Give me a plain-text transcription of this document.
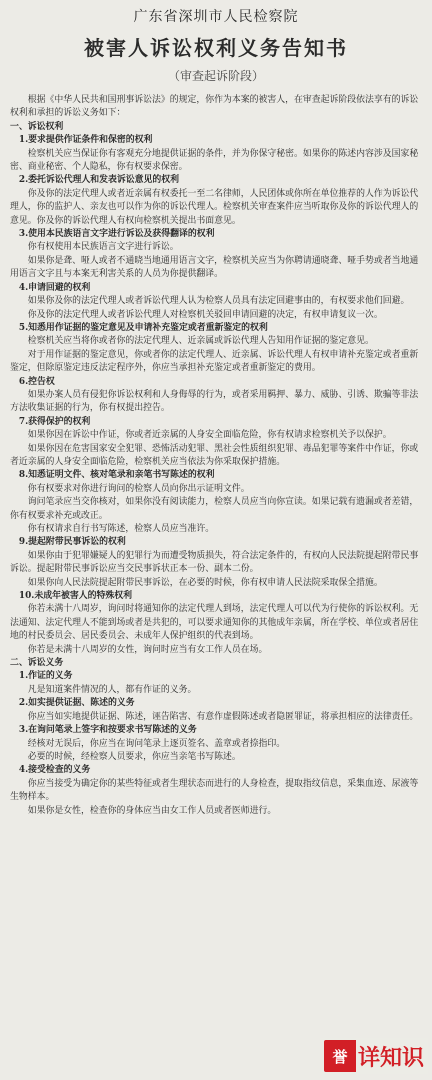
广东省深圳市人民检察院
被害人诉讼权利义务告知书
（审查起诉阶段）

根据《中华人民共和国刑事诉讼法》的规定，你作为本案的被害人，在审查起诉阶段依法享有的诉讼权利和承担的诉讼义务如下：

一、诉讼权利

1.要求提供作证条件和保密的权利

检察机关应当保证你有客观充分地提供证据的条件，并为你保守秘密。如果你的陈述内容涉及国家秘密、商业秘密、个人隐私，你有权要求保密。

2.委托诉讼代理人和发表诉讼意见的权利

你及你的法定代理人或者近亲属有权委托一至二名律师，人民团体或你所在单位推荐的人作为诉讼代理人，你的监护人、亲友也可以作为你的诉讼代理人。检察机关审查案件应当听取你及你的诉讼代理人的意见。你及你的诉讼代理人有权向检察机关提出书面意见。

3.使用本民族语言文字进行诉讼及获得翻译的权利

你有权使用本民族语言文字进行诉讼。

如果你是聋、哑人或者不通晓当地通用语言文字，检察机关应当为你聘请通晓聋、哑手势或者当地通用语言文字且与本案无利害关系的人员为你提供翻译。

4.申请回避的权利

如果你及你的法定代理人或者诉讼代理人认为检察人员具有法定回避事由的，有权要求他们回避。

你及你的法定代理人或者诉讼代理人对检察机关驳回申请回避的决定，有权申请复议一次。

5.知悉用作证据的鉴定意见及申请补充鉴定或者重新鉴定的权利

检察机关应当将你或者你的法定代理人、近亲属或诉讼代理人告知用作证据的鉴定意见。

对于用作证据的鉴定意见，你或者你的法定代理人、近亲属、诉讼代理人有权申请补充鉴定或者重新鉴定，但除原鉴定违反法定程序外，你应当承担补充鉴定或者重新鉴定的费用。

6.控告权

如果办案人员有侵犯你诉讼权利和人身侮辱的行为，或者采用羁押、暴力、威胁、引诱、欺骗等非法方法收集证据的行为，你有权提出控告。

7.获得保护的权利

如果你因在诉讼中作证，你或者近亲属的人身安全面临危险，你有权请求检察机关予以保护。

如果你因在危害国家安全犯罪、恐怖活动犯罪、黑社会性质组织犯罪、毒品犯罪等案件中作证，你或者近亲属的人身安全面临危险，检察机关应当依法为你采取保护措施。

8.知悉证明文件、核对笔录和亲笔书写陈述的权利

你有权要求对你进行询问的检察人员向你出示证明文件。

询问笔录应当交你核对，如果你没有阅读能力，检察人员应当向你宣读。如果记载有遗漏或者差错，你有权要求补充或改正。

你有权请求自行书写陈述，检察人员应当准许。

9.提起附带民事诉讼的权利

如果你由于犯罪嫌疑人的犯罪行为而遭受物质损失，符合法定条件的，有权向人民法院提起附带民事诉讼。提起附带民事诉讼应当交民事诉状正本一份、副本二份。

如果你向人民法院提起附带民事诉讼，在必要的时候，你有权申请人民法院采取保全措施。

10.未成年被害人的特殊权利

你若未满十八周岁，询问时将通知你的法定代理人到场，法定代理人可以代为行使你的诉讼权利。无法通知、法定代理人不能到场或者是共犯的，可以要求通知你的其他成年亲属，所在学校、单位或者居住地的村民委员会、居民委员会、未成年人保护组织的代表到场。

你若是未满十八周岁的女性，询问时应当有女工作人员在场。

二、诉讼义务

1.作证的义务

凡是知道案件情况的人，都有作证的义务。

2.如实提供证据、陈述的义务

你应当如实地提供证据、陈述，诬告陷害、有意作虚假陈述或者隐匿罪证，将承担相应的法律责任。

3.在询问笔录上签字和按要求书写陈述的义务

经核对无误后，你应当在询问笔录上逐页签名、盖章或者捺指印。

必要的时候，经检察人员要求，你应当亲笔书写陈述。

4.接受检查的义务

你应当接受为确定你的某些特征或者生理状态而进行的人身检查，提取指纹信息，采集血迹、尿液等生物样本。

如果你是女性，检查你的身体应当由女工作人员或者医师进行。

誉 详知识
